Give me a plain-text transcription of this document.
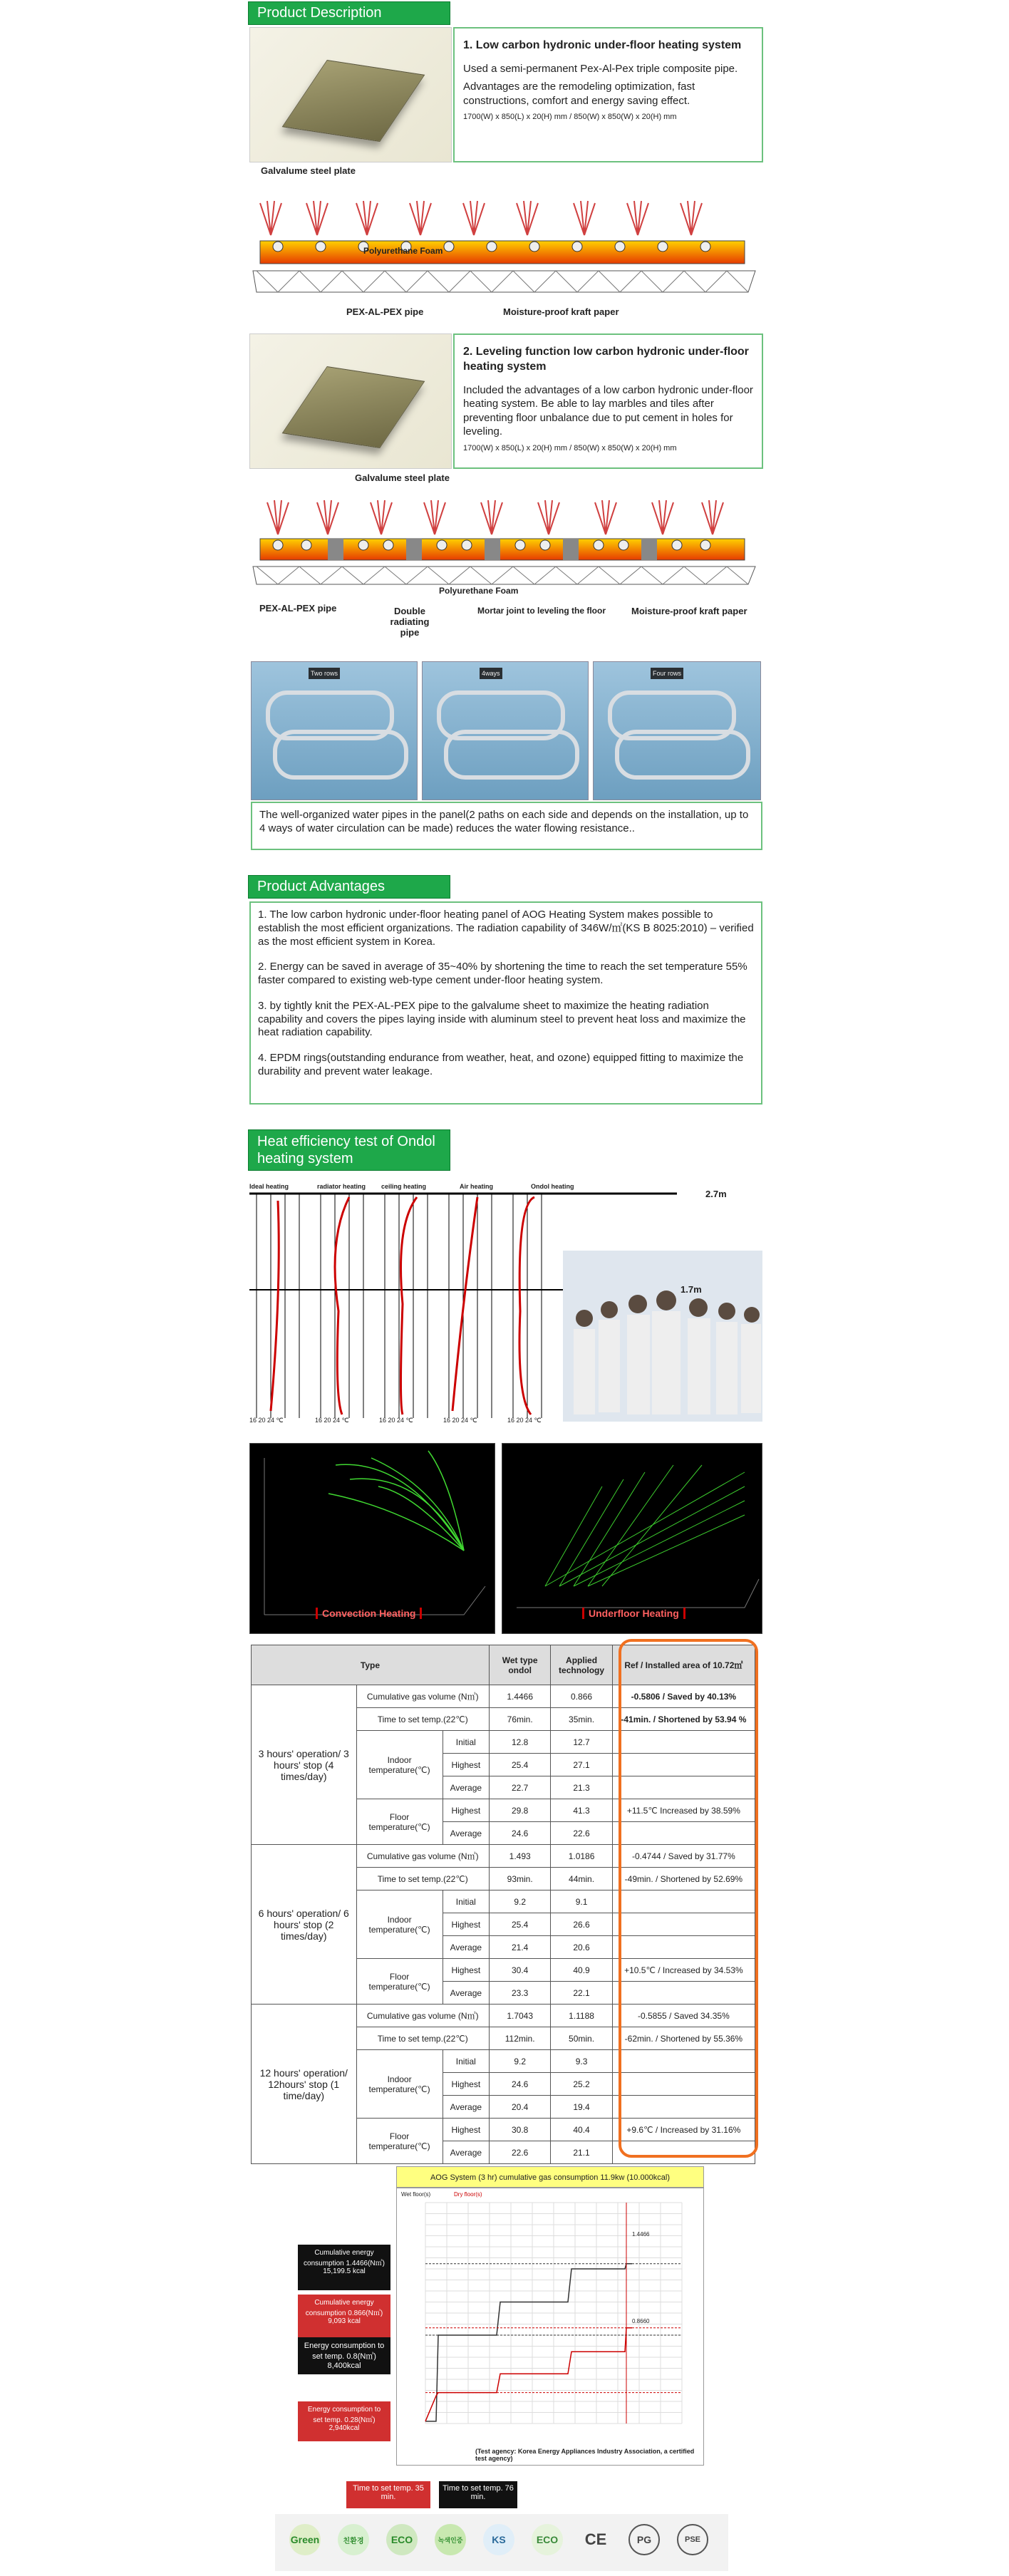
Product Description
1. Low carbon hydronic under-floor heating system

Used a semi-permanent Pex-Al-Pex triple composite pipe.

Advantages are the remodeling optimization, fast constructions, comfort and energy saving effect.

1700(W) x 850(L) x 20(H) mm / 850(W) x 850(W) x 20(H) mm

Galvalume steel plate
Polyurethane Foam
PEX-AL-PEX pipe	Moisture-proof kraft paper
2. Leveling function low carbon hydronic under-floor heating system

Included the advantages of a low carbon hydronic under-floor heating system. Be able to lay marbles and tiles after preventing floor unbalance due to put cement in holes for leveling.

1700(W) x 850(L) x 20(H) mm / 850(W) x 850(W) x 20(H) mm

Galvalume steel plate
Polyurethane Foam
PEX-AL-PEX pipe	Double radiating pipe
Mortar joint to leveling the floor	Moisture-proof kraft paper
Two rows	4ways	Four rows
The well-organized water pipes in the panel(2 paths on each side and depends on the installation, up to 4 ways of water circulation can be made) reduces the water flowing resistance..
Product Advantages

1. The low carbon hydronic under-floor heating panel of AOG Heating System makes possible to establish the most efficient organizations. The radiation capability of 346W/㎡(KS B 8025:2010) – verified as the most efficient system in Korea.

2. Energy can be saved in average of 35~40% by shortening the time to reach the set temperature 55% faster compared to existing web-type cement under-floor heating system.

3. by tightly knit the PEX-AL-PEX pipe to the galvalume sheet to maximize the heating radiation capability and covers the pipes laying inside with aluminum steel to prevent heat loss and maximize the heat radiation capability.

4. EPDM rings(outstanding endurance from weather, heat, and ozone) equipped fitting to maximize the durability and prevent water leakage.

Heat efficiency test of Ondol heating system
Ideal heating	radiator heating ceiling heating	Air heating	Ondol heating
2.7m
1.7m
16 20 24 ℃	16 20 24 ℃	16 20 24 ℃	16 20 24 ℃	16 20 24 ℃
Convection Heating	Underfloor Heating
Type			Wet type ondol	Applied technology	Ref / Installed area of 10.72㎡
3 hours' operation/ 3 hours' stop (4 times/day)	Cumulative gas volume (N㎥)		1.4466	0.866	-0.5806 / Saved by 40.13%
	Time to set temp.(22℃)		76min.	35min.	-41min. / Shortened by 53.94 %
	Indoor temperature(℃)	Initial	12.8	12.7	
		Highest	25.4	27.1	
		Average	22.7	21.3	
	Floor temperature(℃)	Highest	29.8	41.3	+11.5℃ Increased by 38.59%
		Average	24.6	22.6	
6 hours' operation/ 6 hours' stop (2 times/day)	Cumulative gas volume (N㎥)		1.493	1.0186	-0.4744 / Saved by 31.77%
	Time to set temp.(22℃)		93min.	44min.	-49min. / Shortened by 52.69%
	Indoor temperature(℃)	Initial	9.2	9.1	
		Highest	25.4	26.6	
		Average	21.4	20.6	
	Floor temperature(℃)	Highest	30.4	40.9	+10.5℃ / Increased by 34.53%
		Average	23.3	22.1	
12 hours' operation/ 12hours' stop (1 time/day)	Cumulative gas volume (N㎥)		1.7043	1.1188	-0.5855 / Saved 34.35%
	Time to set temp.(22℃)		112min.	50min.	-62min. / Shortened by 55.36%
	Indoor temperature(℃)	Initial	9.2	9.3	
		Highest	24.6	25.2	
		Average	20.4	19.4	
	Floor temperature(℃)	Highest	30.8	40.4	+9.6℃ / Increased by 31.16%
		Average	22.6	21.1	
AOG System (3 hr) cumulative gas consumption 11.9kw (10.000kcal)
Wet floor(s)	Dry floor(s)
1.4466
0.8660
(Test agency: Korea Energy Appliances Industry Association, a certified test agency)
Cumulative energy consumption 1.4466(N㎥) 15,199.5 kcal
Cumulative energy consumption 0.866(N㎥) 9,093 kcal
Energy consumption to set temp. 0.8(N㎥) 8,400kcal
Energy consumption to set temp. 0.28(N㎥) 2,940kcal
Time to set temp. 35 min.
Time to set temp. 76 min.
Green	친환경	ECO	녹색인증	KS	ECO	CE	PG	PSE
